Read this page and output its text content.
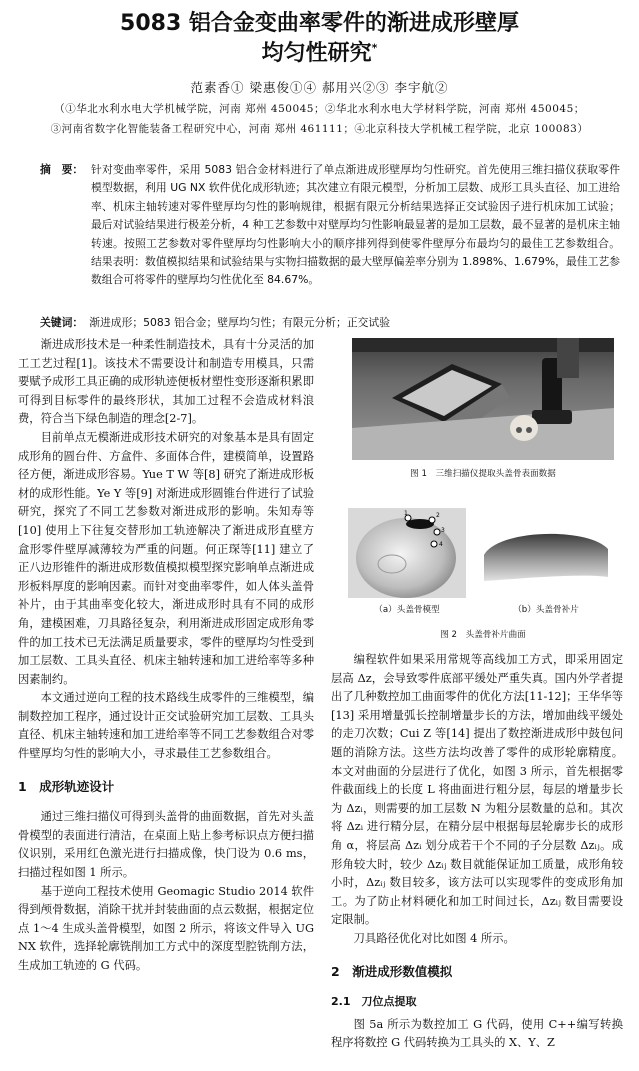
5083 铝合金变曲率零件的渐进成形壁厚
均匀性研究*
范素香① 梁惠俊①④ 郝用兴②③ 李宇航②
（①华北水利水电大学机械学院，河南 郑州 450045；②华北水利水电大学材料学院，河南 郑州 450045；
③河南省数字化智能装备工程研究中心，河南 郑州 461111；④北京科技大学机械工程学院，北京 100083）
摘　要： 针对变曲率零件，采用 5083 铝合金材料进行了单点渐进成形壁厚均匀性研究。首先使用三维扫描仪获取零件模型数据，利用 UG NX 软件优化成形轨迹；其次建立有限元模型，分析加工层数、成形工具头直径、加工进给率、机床主轴转速对零件壁厚均匀性的影响规律，根据有限元分析结果选择正交试验因子进行机床加工试验；最后对试验结果进行极差分析，4 种工艺参数中对壁厚均匀性影响最显著的是加工层数，最不显著的是机床主轴转速。按照工艺参数对零件壁厚均匀性影响大小的顺序排列得到使零件壁厚分布最均匀的最佳工艺参数组合。结果表明：数值模拟结果和试验结果与实物扫描数据的最大壁厚偏差率分别为 1.898%、1.679%，最佳工艺参数组合可将零件的壁厚均匀性优化至 84.67%。
关键词： 渐进成形；5083 铝合金；壁厚均匀性；有限元分析；正交试验

渐进成形技术是一种柔性制造技术，具有十分灵活的加工工艺过程[1]。该技术不需要设计和制造专用模具，只需要赋予成形工具正确的成形轨迹便板材塑性变形逐渐积累即可得到目标零件的最终形状，其加工过程不会造成材料浪费，符合当下绿色制造的理念[2-7]。

目前单点无模渐进成形技术研究的对象基本是具有固定成形角的圆台件、方盒件、多面体合件，建模简单，设置路径方便，渐进成形容易。Yue T W 等[8] 研究了渐进成形板材的成形性能。Ye Y 等[9] 对渐进成形圆锥台件进行了试验研究，探究了不同工艺参数对渐进成形的影响。朱知寿等[10] 使用上下往复交替形加工轨迹解决了渐进成形直壁方盒形零件壁厚减薄较为严重的问题。何正琛等[11] 建立了正八边形锥件的渐进成形数值模拟模型探究影响单点渐进成形板料厚度的影响因素。而针对变曲率零件，如人体头盖骨补片，由于其曲率变化较大，渐进成形时具有不同的成形角，建模困难，刀具路径复杂，利用渐进成形固定成形角零件的加工技术已无法满足质量要求，零件的壁厚均匀性受到加工层数、工具头直径、机床主轴转速和加工进给率等多种因素制约。

本文通过逆向工程的技术路线生成零件的三维模型，编制数控加工程序，通过设计正交试验研究加工层数、工具头直径、机床主轴转速和加工进给率等不同工艺参数组合对零件壁厚均匀性的影响大小，寻求最佳工艺参数组合。

1　成形轨迹设计

通过三维扫描仪可得到头盖骨的曲面数据，首先对头盖骨模型的表面进行清洁，在桌面上贴上参考标识点方便扫描仪识别，采用红色激光进行扫描成像，快门设为 0.6 ms，扫描过程如图 1 所示。

基于逆向工程技术使用 Geomagic Studio 2014 软件得到颅骨数据，消除干扰并封装曲面的点云数据，根据定位点 1～4 生成头盖骨模型，如图 2 所示，将该文件导入 UG NX 软件，选择轮廓铣削加工方式中的深度型腔铣削方法，生成加工轨迹的 G 代码。

图 1　三维扫描仪提取头盖骨表面数据
1	2
3
4
（a）头盖骨模型	（b）头盖骨补片
图 2　头盖骨补片曲面

编程软件如果采用常规等高线加工方式，即采用固定层高 Δz，会导致零件底部平缓处严重失真。国内外学者提出了几种数控加工曲面零件的优化方法[11-12]；王华华等[13] 采用增量弧长控制增量步长的方法，增加曲线平缓处的走刀次数；Cui Z 等[14] 提出了数控渐进成形中鼓包问题的消除方法。这些方法均改善了零件的成形轮廓精度。本文对曲面的分层进行了优化，如图 3 所示，首先根据零件截面线上的长度 L 将曲面进行粗分层，每层的增量步长为 Δzᵢ，则需要的加工层数 N 为粗分层数量的总和。其次将 Δzᵢ 进行精分层，在精分层中根据每层轮廓步长的成形角 α，将层高 Δzᵢ 划分成若干个不同的子分层数 Δzᵢⱼ。成形角较大时，较少 Δzᵢⱼ 数目就能保证加工质量，成形角较小时，Δzᵢⱼ 数目较多，该方法可以实现零件的变成形角加工。为了防止材料硬化和加工时间过长，Δzᵢⱼ 数目需要设定限制。

刀具路径优化对比如图 4 所示。

2　渐进成形数值模拟
2.1　刀位点提取

图 5a 所示为数控加工 G 代码，使用 C++编写转换程序将数控 G 代码转换为工具头的 X、Y、Z
